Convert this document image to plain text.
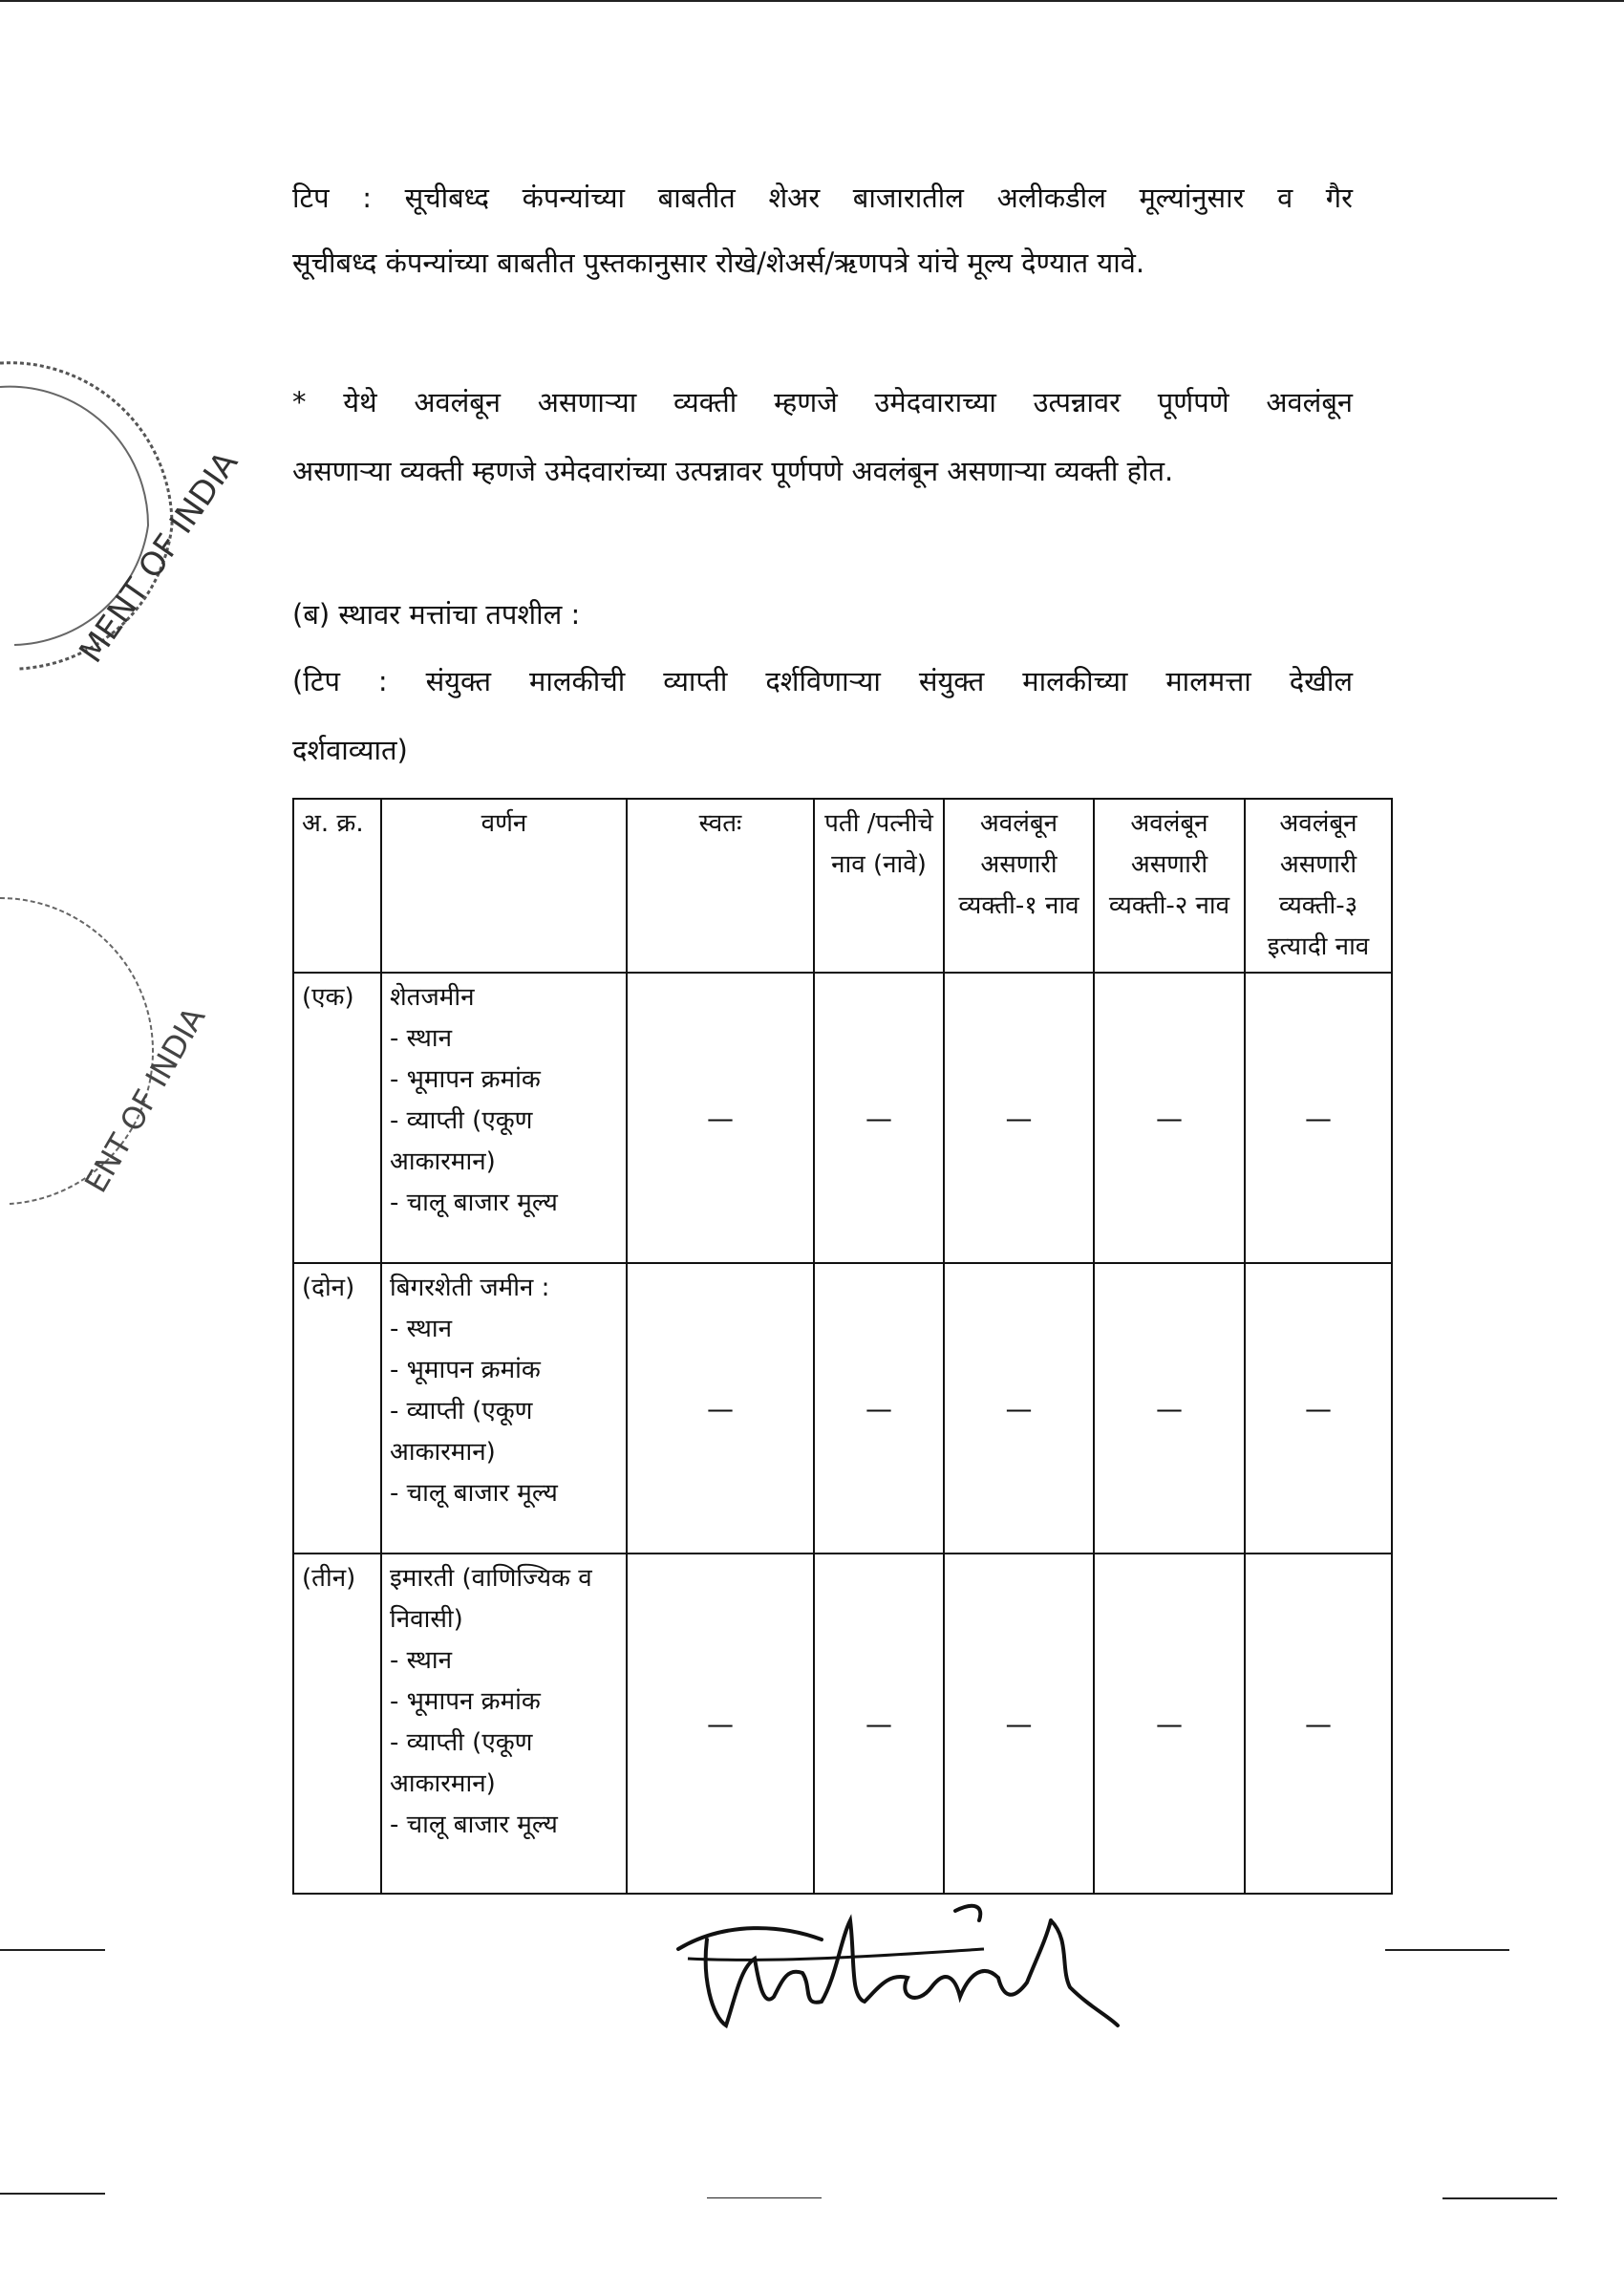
MENT OF INDIA
ENT OF INDIA
टिप : सूचीबध्द कंपन्यांच्या बाबतीत शेअर बाजारातील अलीकडील मूल्यांनुसार व गैर
सूचीबध्द कंपन्यांच्या बाबतीत पुस्तकानुसार रोखे/शेअर्स/ऋणपत्रे यांचे मूल्य देण्यात यावे.
* येथे अवलंबून असणाऱ्या व्यक्ती म्हणजे उमेदवाराच्या उत्पन्नावर पूर्णपणे अवलंबून
असणाऱ्या व्यक्ती म्हणजे उमेदवारांच्या उत्पन्नावर पूर्णपणे अवलंबून असणाऱ्या व्यक्ती होत.
(ब) स्थावर मत्तांचा तपशील :
(टिप : संयुक्त मालकीची व्याप्ती दर्शविणाऱ्या संयुक्त मालकीच्या मालमत्ता देखील
दर्शवाव्यात)
अ. क्र.	वर्णन	स्वतः	पती /पत्नीचे नाव (नावे)	अवलंबून असणारी व्यक्ती-१ नाव	अवलंबून असणारी व्यक्ती-२ नाव	अवलंबून असणारी व्यक्ती-३ इत्यादी नाव
(एक)	शेतजमीन
- स्थान
- भूमापन क्रमांक
- व्याप्ती (एकूण आकारमान)
- चालू बाजार मूल्य	—	—	—	—	—
(दोन)	बिगरशेती जमीन :
- स्थान
- भूमापन क्रमांक
- व्याप्ती (एकूण आकारमान)
- चालू बाजार मूल्य	—	—	—	—	—
(तीन)	इमारती (वाणिज्यिक व निवासी)
- स्थान
- भूमापन क्रमांक
- व्याप्ती (एकूण आकारमान)
- चालू बाजार मूल्य	—	—	—	—	—
